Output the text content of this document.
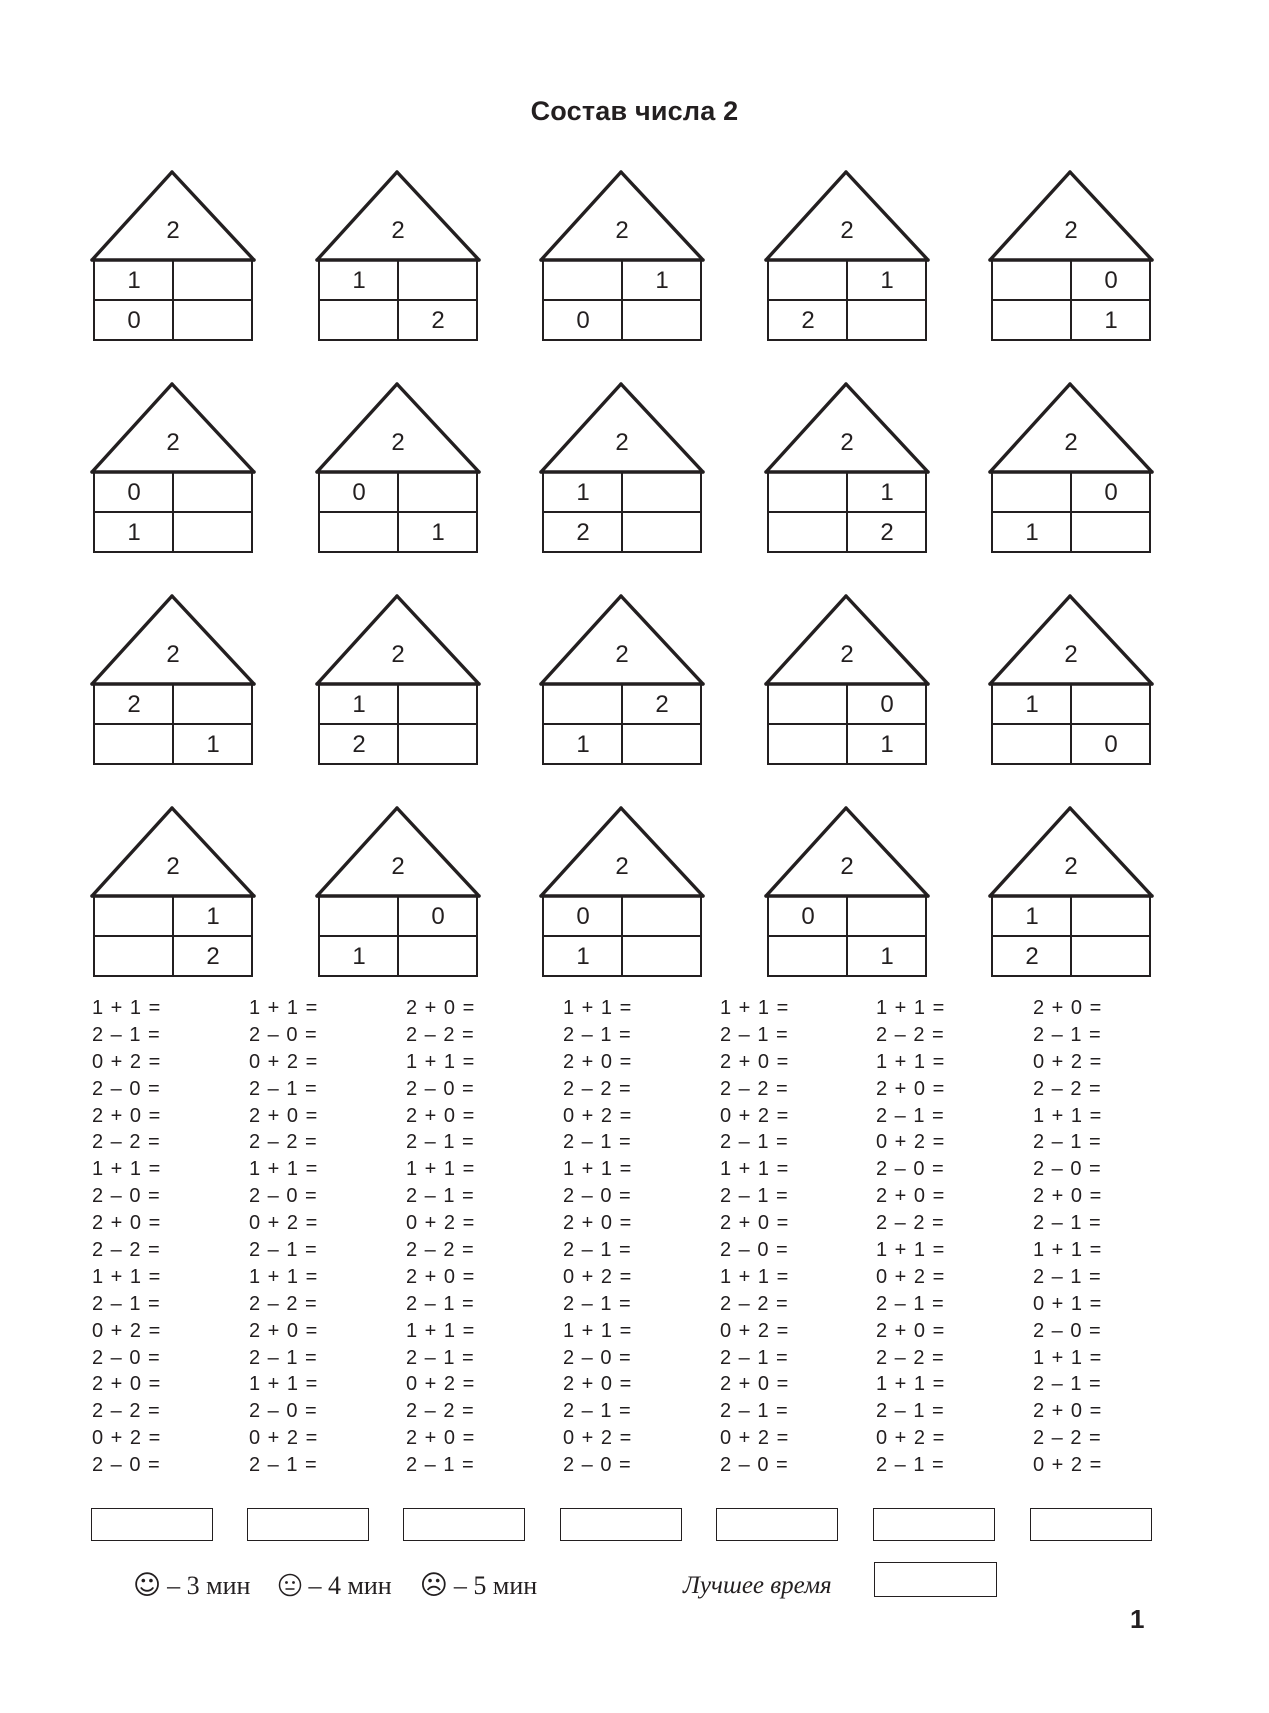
Состав числа 2
2
1
0
2
1
2
2
1
0
2
1
2
2
0
1
2
0
1
2
0
1
2
1
2
2
1
2
2
0
1
2
2
1
2
1
2
2
2
1
2
0
1
2
1
0
2
1
2
2
0
1
2
0
1
2
0
1
2
1
2
1 + 1 =
2 – 1 =
0 + 2 =
2 – 0 =
2 + 0 =
2 – 2 =
1 + 1 =
2 – 0 =
2 + 0 =
2 – 2 =
1 + 1 =
2 – 1 =
0 + 2 =
2 – 0 =
2 + 0 =
2 – 2 =
0 + 2 =
2 – 0 =
1 + 1 =
2 – 0 =
0 + 2 =
2 – 1 =
2 + 0 =
2 – 2 =
1 + 1 =
2 – 0 =
0 + 2 =
2 – 1 =
1 + 1 =
2 – 2 =
2 + 0 =
2 – 1 =
1 + 1 =
2 – 0 =
0 + 2 =
2 – 1 =
2 + 0 =
2 – 2 =
1 + 1 =
2 – 0 =
2 + 0 =
2 – 1 =
1 + 1 =
2 – 1 =
0 + 2 =
2 – 2 =
2 + 0 =
2 – 1 =
1 + 1 =
2 – 1 =
0 + 2 =
2 – 2 =
2 + 0 =
2 – 1 =
1 + 1 =
2 – 1 =
2 + 0 =
2 – 2 =
0 + 2 =
2 – 1 =
1 + 1 =
2 – 0 =
2 + 0 =
2 – 1 =
0 + 2 =
2 – 1 =
1 + 1 =
2 – 0 =
2 + 0 =
2 – 1 =
0 + 2 =
2 – 0 =
1 + 1 =
2 – 1 =
2 + 0 =
2 – 2 =
0 + 2 =
2 – 1 =
1 + 1 =
2 – 1 =
2 + 0 =
2 – 0 =
1 + 1 =
2 – 2 =
0 + 2 =
2 – 1 =
2 + 0 =
2 – 1 =
0 + 2 =
2 – 0 =
1 + 1 =
2 – 2 =
1 + 1 =
2 + 0 =
2 – 1 =
0 + 2 =
2 – 0 =
2 + 0 =
2 – 2 =
1 + 1 =
0 + 2 =
2 – 1 =
2 + 0 =
2 – 2 =
1 + 1 =
2 – 1 =
0 + 2 =
2 – 1 =
2 + 0 =
2 – 1 =
0 + 2 =
2 – 2 =
1 + 1 =
2 – 1 =
2 – 0 =
2 + 0 =
2 – 1 =
1 + 1 =
2 – 1 =
0 + 1 =
2 – 0 =
1 + 1 =
2 – 1 =
2 + 0 =
2 – 2 =
0 + 2 =
☺ – 3 мин – 4 мин ☹ – 5 мин	Лучшее время
1
